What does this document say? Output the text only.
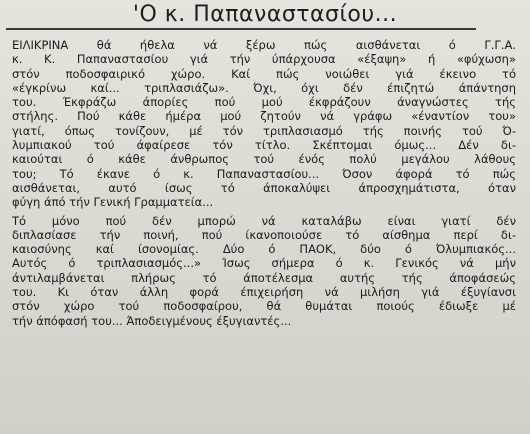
'Ο κ. Παπαναστασίου...
ΕΙΛΙΚΡΙΝΑ θά ήθελα νά ξέρω πώς αισθάνεται ό Γ.Γ.Α.
κ. Κ. Παπαναστασίου γιά τήν ύπάρχουσα «έξαψη» ή «φύχωση»
στόν ποδοσφαιρικό χώρο. Καί πώς νοιώθει γιά έκεινο τό
«έγκρίνω καί... τριπλασιάζω». Όχι, όχι δέν έπιζητώ άπάντηση
του. Έκφράζω άπορίες πού μού έκφράζουν άναγνώστες τής
στήλης. Πού κάθε ήμέρα μού ζητούν νά γράφω «έναντίον του»
γιατί, όπως τονίζουν, μέ τόν τριπλασιασμό τής ποινής τού Ό-
λυμπιακού τού άφαίρεσε τόν τίτλο. Σκέπτομαι όμως... Δέν δι-
καιούται ό κάθε άνθρωπος τού ένός πολύ μεγάλου λάθους
του; Τό έκανε ό κ. Παπαναστασίου... Όσον άφορά τό πώς
αισθάνεται, αυτό ίσως τό άποκαλύψει άπροσχημάτιστα, όταν
φύγη άπό τήν Γενική Γραμματεία...
Τό μόνο πού δέν μπορώ νά καταλάβω είναι γιατί δέν
διπλασίασε τήν ποινή, πού ίκανοποιούσε τό αίσθημα περί δι-
καιοσύνης καί ίσονομίας. Δύο ό ΠΑΟΚ, δύο ό Όλυμπιακός...
Αυτός ό τριπλασιασμός...» Ίσως σήμερα ό κ. Γενικός νά μήν
άντιλαμβάνεται πλήρως τό άποτέλεσμα αυτής τής άποφάσεώς
του. Κι όταν άλλη φορά έπιχειρήση νά μιλήση γιά έξυγίανσι
στόν χώρο τού ποδοσφαίρου, θά θυμάται ποιούς έδιωξε μέ
τήν άπόφασή του... Άποδειγμένους έξυγιαντές...
